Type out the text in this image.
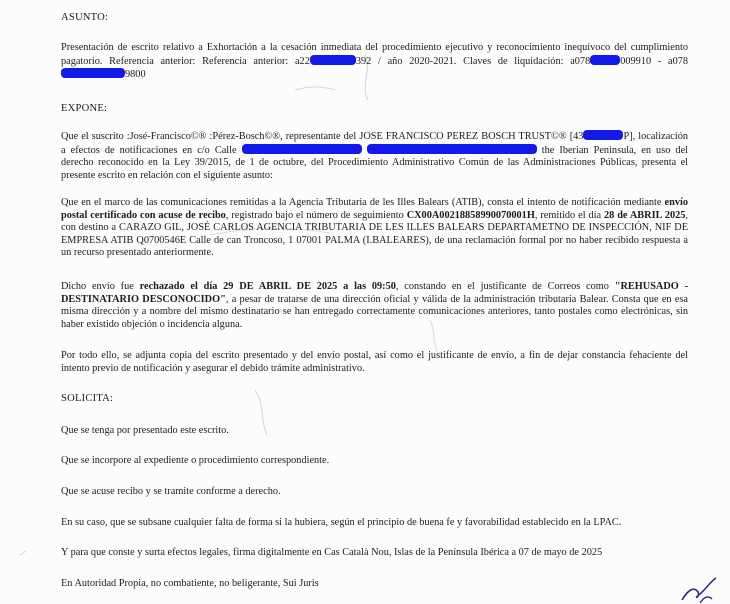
ASUNTO:
Presentación de escrito relativo a Exhortación a la cesación inmediata del procedimiento ejecutivo y reconocimiento inequívoco del cumplimiento pagatorio. Referencia anterior: Referencia anterior: a22	392 / año 2020-2021. Claves de liquidación: a078	009910 - a0789800
EXPONE:
Que el suscrito :José-Francisco©® :Pérez-Bosch©®, representante del JOSE FRANCISCO PEREZ BOSCH TRUST©® [43	P], localización a efectos de notificaciones en c/o Calle	the Iberian Peninsula, en uso del derecho reconocido en la Ley 39/2015, de 1 de octubre, del Procedimiento Administrativo Común de las Administraciones Públicas, presenta el presente escrito en relación con el siguiente asunto:
Que en el marco de las comunicaciones remitidas a la Agencia Tributaria de les Illes Balears (ATIB), consta el intento de notificación mediante envío postal certificado con acuse de recibo, registrado bajo el número de seguimiento CX00A00218858990070001H, remitido el día 28 de ABRIL 2025, con destino a CARAZO GIL, JOSÉ CARLOS AGENCIA TRIBUTARIA DE LES ILLES BALEARS DEPARTAMETNO DE INSPECCIÓN, NIF DE EMPRESA ATIB Q0700546E Calle de can Troncoso, 1 07001 PALMA (I.BALEARES), de una reclamación formal por no haber recibido respuesta a un recurso presentado anteriormente.
Dicho envío fue rechazado el día 29 DE ABRIL DE 2025 a las 09:50, constando en el justificante de Correos como "REHUSADO - DESTINATARIO DESCONOCIDO", a pesar de tratarse de una dirección oficial y válida de la administración tributaria Balear. Consta que en esa misma dirección y a nombre del mismo destinatario se han entregado correctamente comunicaciones anteriores, tanto postales como electrónicas, sin haber existido objeción o incidencia alguna.
Por todo ello, se adjunta copia del escrito presentado y del envío postal, así como el justificante de envío, a fin de dejar constancia fehaciente del intento previo de notificación y asegurar el debido trámite administrativo.
SOLICITA:
Que se tenga por presentado este escrito.
Que se incorpore al expediente o procedimiento correspondiente.
Que se acuse recibo y se tramite conforme a derecho.
En su caso, que se subsane cualquier falta de forma si la hubiera, según el principio de buena fe y favorabilidad establecido en la LPAC.
Y para que conste y surta efectos legales, firma digitalmente en Cas Català Nou, Islas de la Península Ibérica a 07 de mayo de 2025
En Autoridad Propia, no combatiente, no beligerante, Sui Juris
